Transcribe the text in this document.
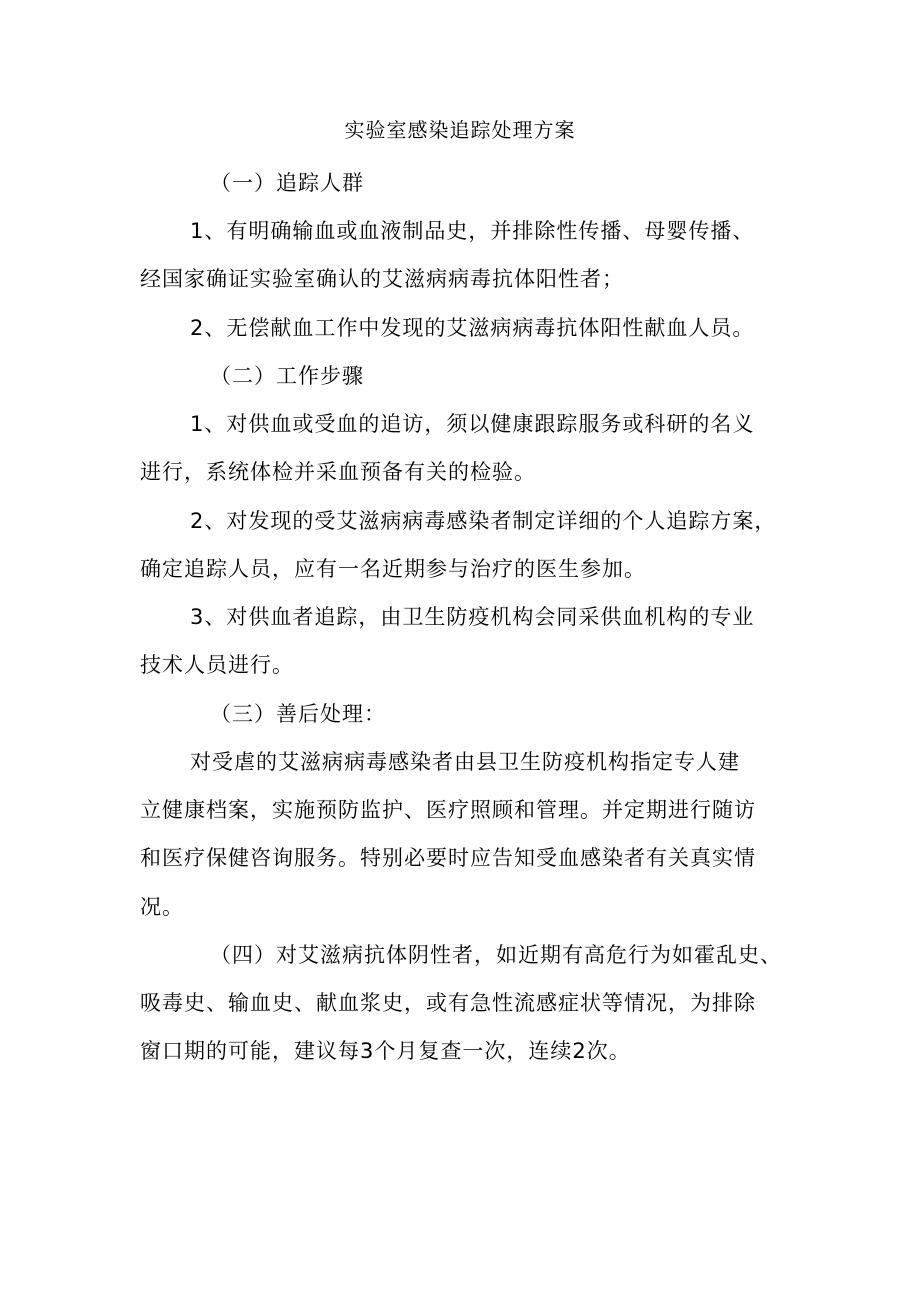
实验室感染追踪处理方案
（一）追踪人群
1、有明确输血或血液制品史，并排除性传播、母婴传播、
经国家确证实验室确认的艾滋病病毒抗体阳性者；
2、无偿献血工作中发现的艾滋病病毒抗体阳性献血人员。
（二）工作步骤
1、对供血或受血的追访，须以健康跟踪服务或科研的名义
进行，系统体检并采血预备有关的检验。
2、对发现的受艾滋病病毒感染者制定详细的个人追踪方案，
确定追踪人员，应有一名近期参与治疗的医生参加。
3、对供血者追踪，由卫生防疫机构会同采供血机构的专业
技术人员进行。
（三）善后处理：
对受虐的艾滋病病毒感染者由县卫生防疫机构指定专人建
立健康档案，实施预防监护、医疗照顾和管理。并定期进行随访
和医疗保健咨询服务。特别必要时应告知受血感染者有关真实情
况。
（四）对艾滋病抗体阴性者，如近期有高危行为如霍乱史、
吸毒史、输血史、献血浆史，或有急性流感症状等情况，为排除
窗口期的可能，建议每3个月复查一次，连续2次。
